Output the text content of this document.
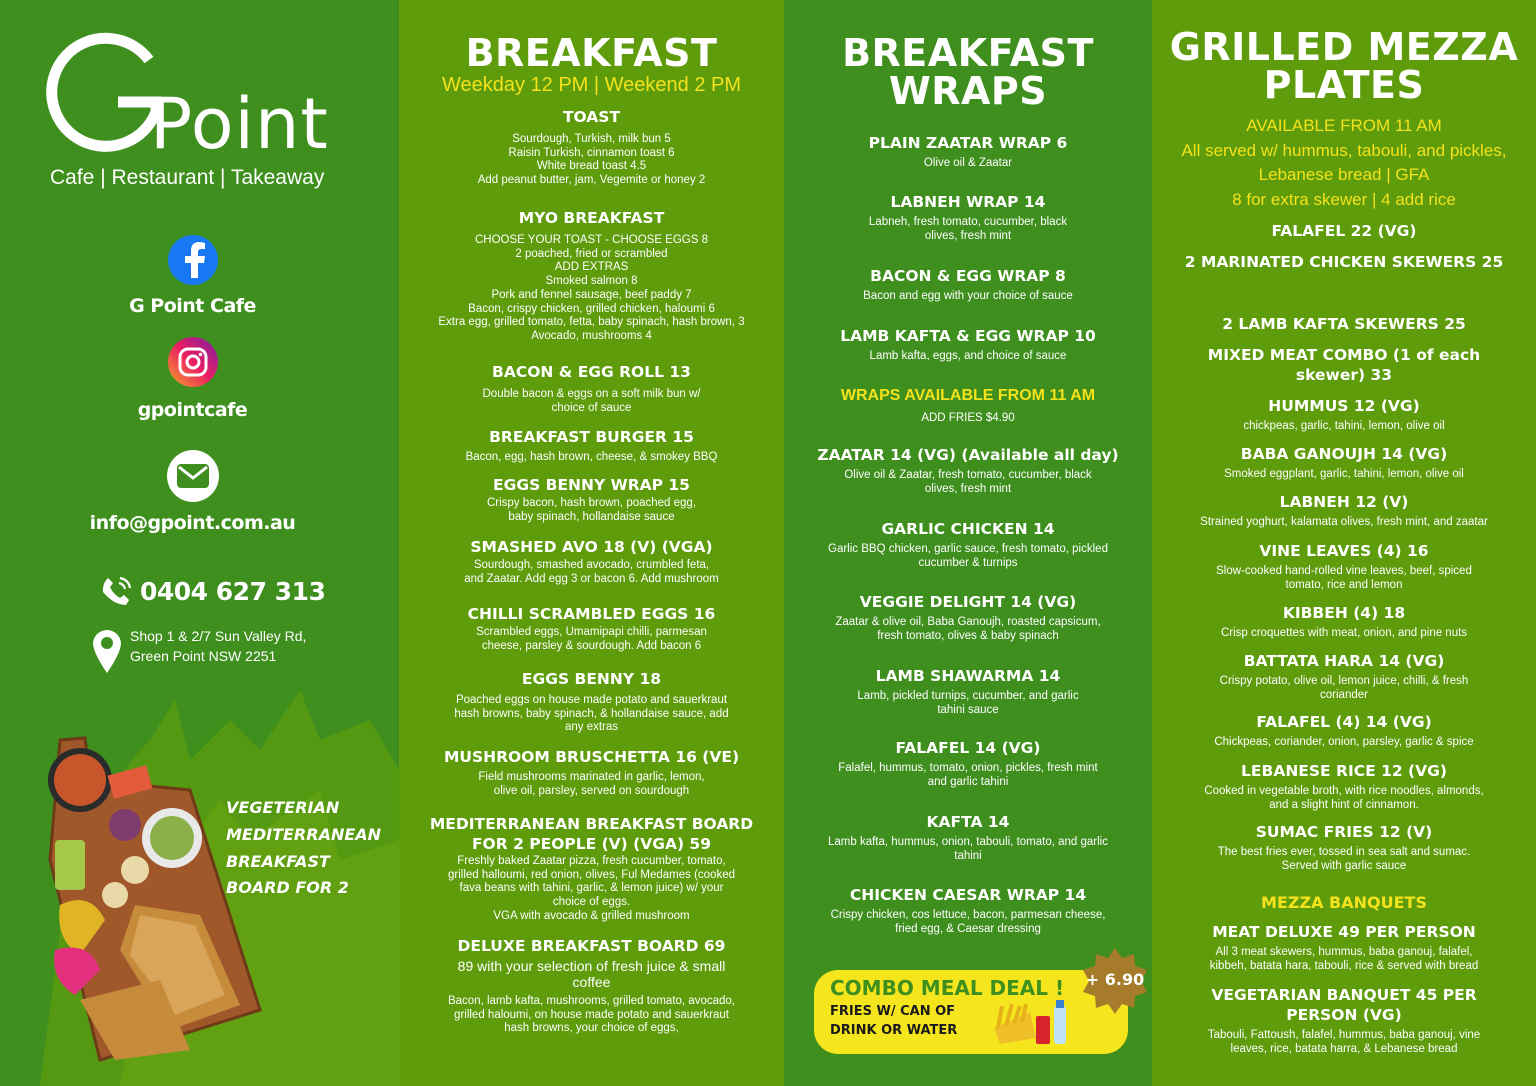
Point
Cafe | Restaurant | Takeaway
G Point Cafe
gpointcafe
info@gpoint.com.au
0404 627 313
Shop 1 & 2/7 Sun Valley Rd,
Green Point NSW 2251
VEGETERIAN
MEDITERRANEAN
BREAKFAST
BOARD FOR 2
BREAKFAST
Weekday 12 PM | Weekend 2 PM
TOAST
Sourdough, Turkish, milk bun 5
Raisin Turkish, cinnamon toast 6
White bread toast 4.5
Add peanut butter, jam, Vegemite or honey 2
MYO BREAKFAST
CHOOSE YOUR TOAST - CHOOSE EGGS 8
2 poached, fried or scrambled
ADD EXTRAS
Smoked salmon 8
Pork and fennel sausage, beef paddy 7
Bacon, crispy chicken, grilled chicken, haloumi 6
Extra egg, grilled tomato, fetta, baby spinach, hash brown, 3
Avocado, mushrooms 4
BACON & EGG ROLL 13
Double bacon & eggs on a soft milk bun w/
choice of sauce
BREAKFAST BURGER 15
Bacon, egg, hash brown, cheese, & smokey BBQ
EGGS BENNY WRAP 15
Crispy bacon, hash brown, poached egg,
baby spinach, hollandaise sauce
SMASHED AVO 18 (V) (VGA)
Sourdough, smashed avocado, crumbled feta,
and Zaatar. Add egg 3 or bacon 6. Add mushroom
CHILLI SCRAMBLED EGGS 16
Scrambled eggs, Umamipapi chilli, parmesan
cheese, parsley & sourdough. Add bacon 6
EGGS BENNY 18
Poached eggs on house made potato and sauerkraut
hash browns, baby spinach, & hollandaise sauce, add
any extras
MUSHROOM BRUSCHETTA 16 (VE)
Field mushrooms marinated in garlic, lemon,
olive oil, parsley, served on sourdough
MEDITERRANEAN BREAKFAST BOARD
FOR 2 PEOPLE (V) (VGA) 59
Freshly baked Zaatar pizza, fresh cucumber, tomato,
grilled halloumi, red onion, olives, Ful Medames (cooked
fava beans with tahini, garlic, & lemon juice) w/ your
choice of eggs.
VGA with avocado & grilled mushroom
DELUXE BREAKFAST BOARD 69
89 with your selection of fresh juice & small
coffee
Bacon, lamb kafta, mushrooms, grilled tomato, avocado,
grilled haloumi, on house made potato and sauerkraut
hash browns, your choice of eggs,
BREAKFAST
WRAPS
PLAIN ZAATAR WRAP 6
Olive oil & Zaatar
LABNEH WRAP 14
Labneh, fresh tomato, cucumber, black
olives, fresh mint
BACON & EGG WRAP 8
Bacon and egg with your choice of sauce
LAMB KAFTA & EGG WRAP 10
Lamb kafta, eggs, and choice of sauce
WRAPS AVAILABLE FROM 11 AM
ADD FRIES $4.90
ZAATAR 14 (VG) (Available all day)
Olive oil & Zaatar, fresh tomato, cucumber, black
olives, fresh mint
GARLIC CHICKEN 14
Garlic BBQ chicken, garlic sauce, fresh tomato, pickled
cucumber & turnips
VEGGIE DELIGHT 14 (VG)
Zaatar & olive oil, Baba Ganoujh, roasted capsicum,
fresh tomato, olives & baby spinach
LAMB SHAWARMA 14
Lamb, pickled turnips, cucumber, and garlic
tahini sauce
FALAFEL 14 (VG)
Falafel, hummus, tomato, onion, pickles, fresh mint
and garlic tahini
KAFTA 14
Lamb kafta, hummus, onion, tabouli, tomato, and garlic
tahini
CHICKEN CAESAR WRAP 14
Crispy chicken, cos lettuce, bacon, parmesan cheese,
fried egg, & Caesar dressing
COMBO MEAL DEAL !
FRIES W/ CAN OF
DRINK OR WATER
+ 6.90
GRILLED MEZZA
PLATES
AVAILABLE FROM 11 AM
All served w/ hummus, tabouli, and pickles,
Lebanese bread | GFA
8 for extra skewer | 4 add rice
FALAFEL 22 (VG)
2 MARINATED CHICKEN SKEWERS 25
2 LAMB KAFTA SKEWERS 25
MIXED MEAT COMBO (1 of each
skewer) 33
HUMMUS 12 (VG)
chickpeas, garlic, tahini, lemon, olive oil
BABA GANOUJH 14 (VG)
Smoked eggplant, garlic, tahini, lemon, olive oil
LABNEH 12 (V)
Strained yoghurt, kalamata olives, fresh mint, and zaatar
VINE LEAVES (4) 16
Slow-cooked hand-rolled vine leaves, beef, spiced
tomato, rice and lemon
KIBBEH (4) 18
Crisp croquettes with meat, onion, and pine nuts
BATTATA HARA 14 (VG)
Crispy potato, olive oil, lemon juice, chilli, & fresh
coriander
FALAFEL (4) 14 (VG)
Chickpeas, coriander, onion, parsley, garlic & spice
LEBANESE RICE 12 (VG)
Cooked in vegetable broth, with rice noodles, almonds,
and a slight hint of cinnamon.
SUMAC FRIES 12 (V)
The best fries ever, tossed in sea salt and sumac.
Served with garlic sauce
MEZZA BANQUETS
MEAT DELUXE 49 PER PERSON
All 3 meat skewers, hummus, baba ganouj, falafel,
kibbeh, batata hara, tabouli, rice & served with bread
VEGETARIAN BANQUET 45 PER
PERSON (VG)
Tabouli, Fattoush, falafel, hummus, baba ganouj, vine
leaves, rice, batata harra, & Lebanese bread
